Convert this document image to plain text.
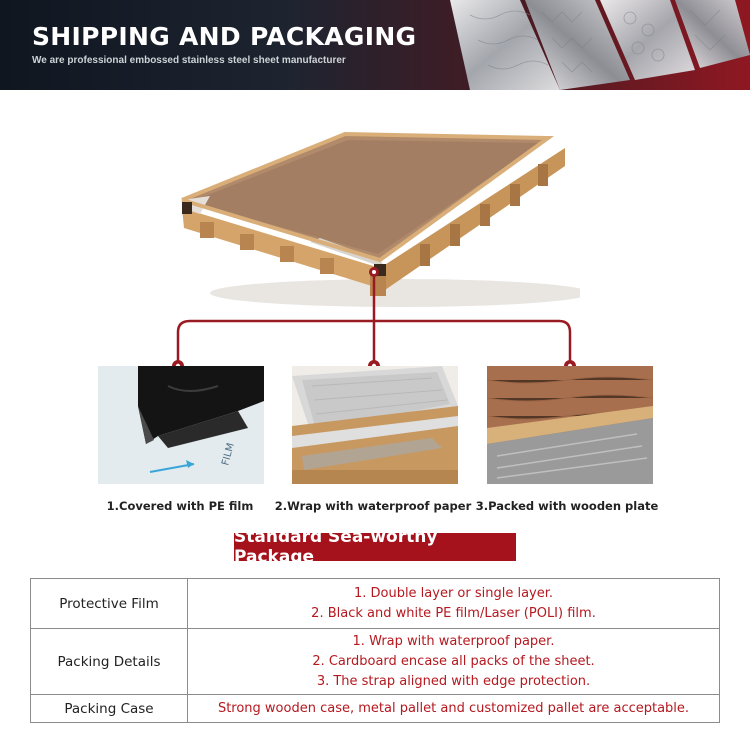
SHIPPING AND PACKAGING
We are professional embossed stainless steel sheet manufacturer
FILM
1.Covered with PE film	2.Wrap with waterproof paper 3.Packed with wooden plate
Standard Sea-worthy Package
Protective Film	1. Double layer or single layer.
2. Black and white PE film/Laser (POLI) film.

Packing Details	1. Wrap with waterproof paper.
2. Cardboard encase all packs of the sheet.
3. The strap aligned with edge protection.

Packing Case	Strong wooden case, metal pallet and customized pallet are acceptable.
